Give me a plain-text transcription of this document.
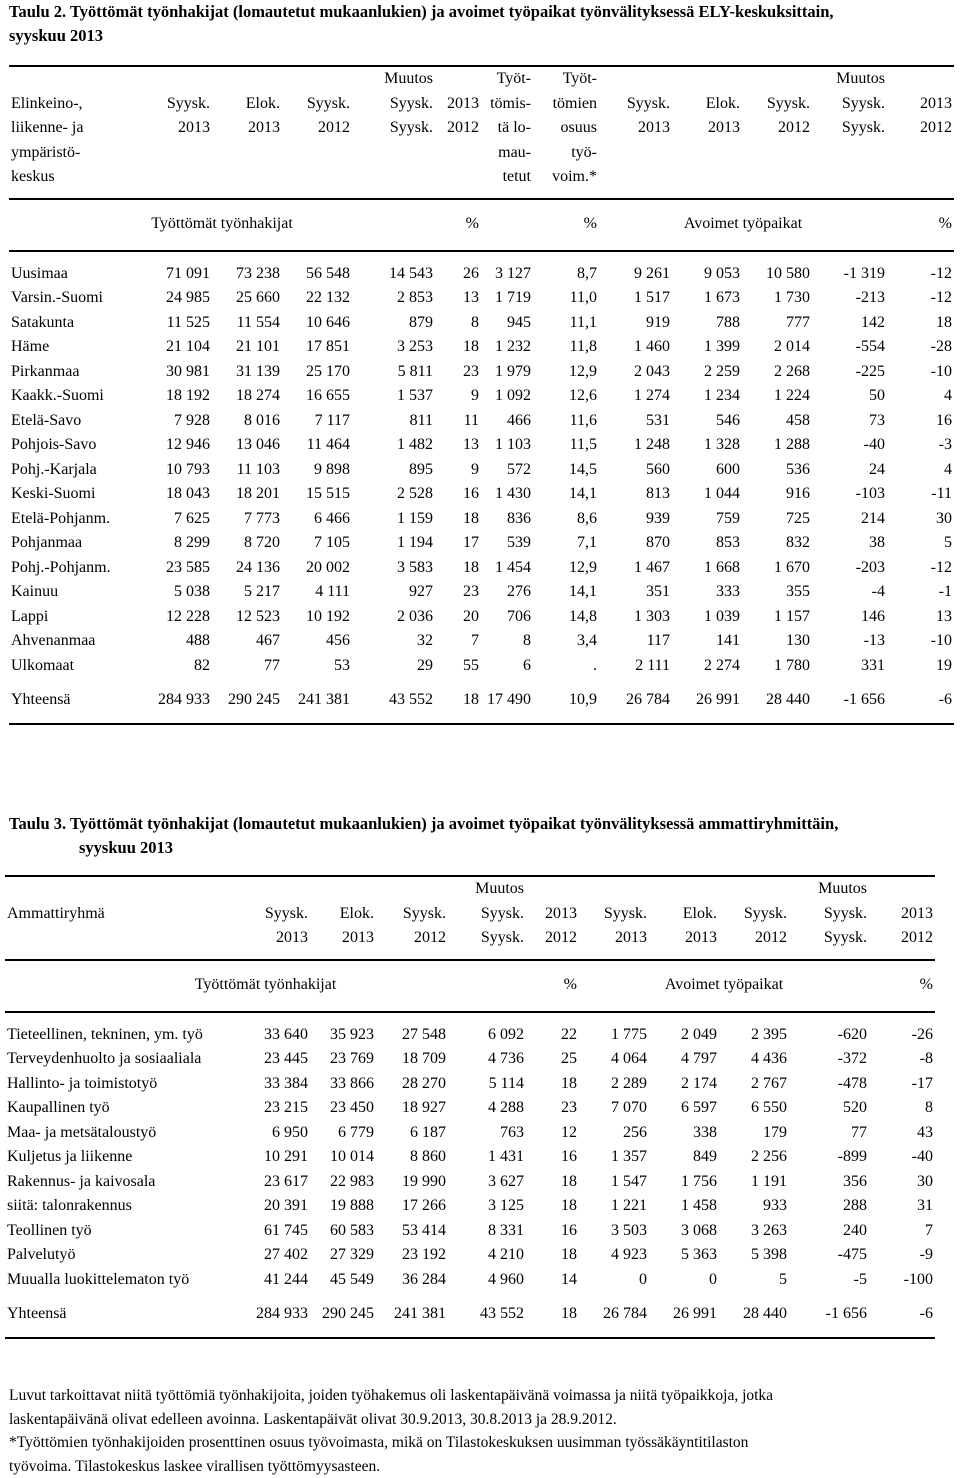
Taulu 2. Työttömät työnhakijat (lomautetut mukaanlukien) ja avoimet työpaikat työnvälityksessä ELY-keskuksittain,
syyskuu 2013
				Muutos		Työt-	Työt-				Muutos	
Elinkeino-,	Syysk.	Elok.	Syysk.	Syysk.	2013	tömis-	tömien	Syysk.	Elok.	Syysk.	Syysk.	2013
liikenne- ja	2013	2013	2012	Syysk.	2012	tä lo-	osuus	2013	2013	2012	Syysk.	2012
ympäristö-						mau-	työ-					
keskus						tetut	voim.*					
Työttömät työnhakijat					%		%	Avoimet työpaikat				%

Uusimaa	71 091	73 238	56 548	14 543	26	3 127	8,7	9 261	9 053	10 580	-1 319	-12
Varsin.-Suomi	24 985	25 660	22 132	2 853	13	1 719	11,0	1 517	1 673	1 730	-213	-12
Satakunta	11 525	11 554	10 646	879	8	945	11,1	919	788	777	142	18
Häme	21 104	21 101	17 851	3 253	18	1 232	11,8	1 460	1 399	2 014	-554	-28
Pirkanmaa	30 981	31 139	25 170	5 811	23	1 979	12,9	2 043	2 259	2 268	-225	-10
Kaakk.-Suomi	18 192	18 274	16 655	1 537	9	1 092	12,6	1 274	1 234	1 224	50	4
Etelä-Savo	7 928	8 016	7 117	811	11	466	11,6	531	546	458	73	16
Pohjois-Savo	12 946	13 046	11 464	1 482	13	1 103	11,5	1 248	1 328	1 288	-40	-3
Pohj.-Karjala	10 793	11 103	9 898	895	9	572	14,5	560	600	536	24	4
Keski-Suomi	18 043	18 201	15 515	2 528	16	1 430	14,1	813	1 044	916	-103	-11
Etelä-Pohjanm.	7 625	7 773	6 466	1 159	18	836	8,6	939	759	725	214	30
Pohjanmaa	8 299	8 720	7 105	1 194	17	539	7,1	870	853	832	38	5
Pohj.-Pohjanm.	23 585	24 136	20 002	3 583	18	1 454	12,9	1 467	1 668	1 670	-203	-12
Kainuu	5 038	5 217	4 111	927	23	276	14,1	351	333	355	-4	-1
Lappi	12 228	12 523	10 192	2 036	20	706	14,8	1 303	1 039	1 157	146	13
Ahvenanmaa	488	467	456	32	7	8	3,4	117	141	130	-13	-10
Ulkomaat	82	77	53	29	55	6	.	2 111	2 274	1 780	331	19

Yhteensä	284 933	290 245	241 381	43 552	18	17 490	10,9	26 784	26 991	28 440	-1 656	-6

Taulu 3. Työttömät työnhakijat (lomautetut mukaanlukien) ja avoimet työpaikat työnvälityksessä ammattiryhmittäin,
syyskuu 2013
				Muutos					Muutos	
Ammattiryhmä	Syysk.	Elok.	Syysk.	Syysk.	2013	Syysk.	Elok.	Syysk.	Syysk.	2013
	2013	2013	2012	Syysk.	2012	2013	2013	2012	Syysk.	2012
Työttömät työnhakijat					%	Avoimet työpaikat				%

Tieteellinen, tekninen, ym. työ	33 640	35 923	27 548	6 092	22	1 775	2 049	2 395	-620	-26
Terveydenhuolto ja sosiaaliala	23 445	23 769	18 709	4 736	25	4 064	4 797	4 436	-372	-8
Hallinto- ja toimistotyö	33 384	33 866	28 270	5 114	18	2 289	2 174	2 767	-478	-17
Kaupallinen työ	23 215	23 450	18 927	4 288	23	7 070	6 597	6 550	520	8
Maa- ja metsätaloustyö	6 950	6 779	6 187	763	12	256	338	179	77	43
Kuljetus ja liikenne	10 291	10 014	8 860	1 431	16	1 357	849	2 256	-899	-40
Rakennus- ja kaivosala	23 617	22 983	19 990	3 627	18	1 547	1 756	1 191	356	30
siitä: talonrakennus	20 391	19 888	17 266	3 125	18	1 221	1 458	933	288	31
Teollinen työ	61 745	60 583	53 414	8 331	16	3 503	3 068	3 263	240	7
Palvelutyö	27 402	27 329	23 192	4 210	18	4 923	5 363	5 398	-475	-9
Muualla luokittelematon työ	41 244	45 549	36 284	4 960	14	0	0	5	-5	-100

Yhteensä	284 933	290 245	241 381	43 552	18	26 784	26 991	28 440	-1 656	-6

Luvut tarkoittavat niitä työttömiä työnhakijoita, joiden työhakemus oli laskentapäivänä voimassa ja niitä työpaikkoja, jotka
laskentapäivänä olivat edelleen avoinna. Laskentapäivät olivat 30.9.2013, 30.8.2013 ja 28.9.2012.
*Työttömien työnhakijoiden prosenttinen osuus työvoimasta, mikä on Tilastokeskuksen uusimman työssäkäyntitilaston
työvoima. Tilastokeskus laskee virallisen työttömyysasteen.
